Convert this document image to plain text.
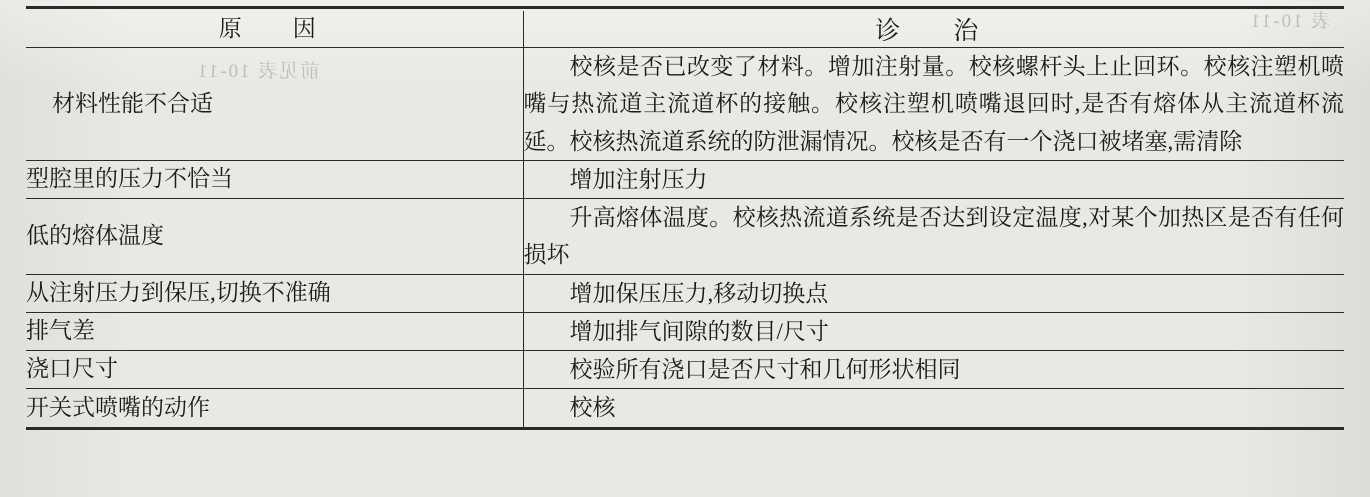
表 10-11
前见表 10-11
原　因	诊　治
材料性能不合适	校核是否已改变了材料。增加注射量。校核螺杆头上止回环。校核注塑机喷嘴与热流道主流道杯的接触。校核注塑机喷嘴退回时,是否有熔体从主流道杯流延。校核热流道系统的防泄漏情况。校核是否有一个浇口被堵塞,需清除

型腔里的压力不恰当	增加注射压力

低的熔体温度	升高熔体温度。校核热流道系统是否达到设定温度,对某个加热区是否有任何损坏

从注射压力到保压,切换不准确	增加保压压力,移动切换点

排气差	增加排气间隙的数目/尺寸

浇口尺寸	校验所有浇口是否尺寸和几何形状相同

开关式喷嘴的动作	校核
